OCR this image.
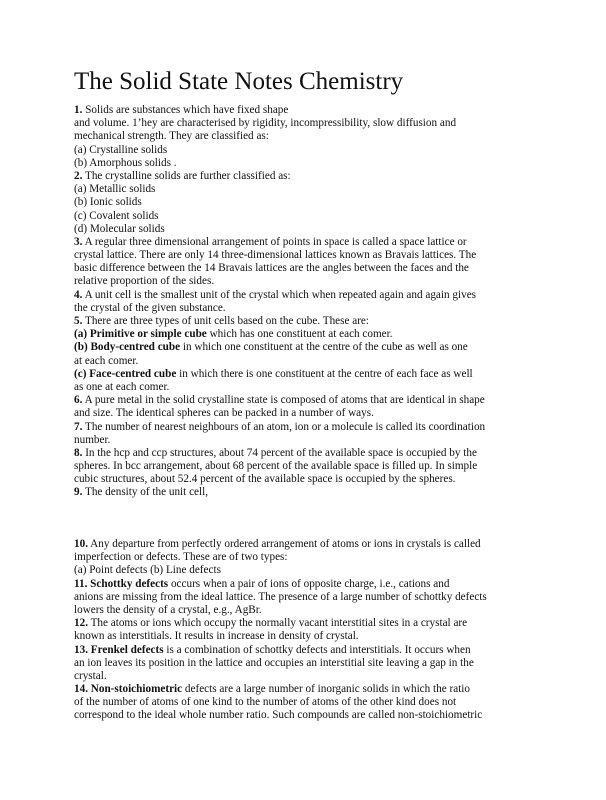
The Solid State Notes Chemistry
1. Solids are substances which have fixed shape
and volume. 1’hey are characterised by rigidity, incompressibility, slow diffusion and
mechanical strength. They are classified as:
(a) Crystalline solids
(b) Amorphous solids .
2. The crystalline solids are further classified as:
(a) Metallic solids
(b) Ionic solids
(c) Covalent solids
(d) Molecular solids
3. A regular three dimensional arrangement of points in space is called a space lattice or
crystal lattice. There are only 14 three-dimensional lattices known as Bravais lattices. The
basic difference between the 14 Bravais lattices are the angles between the faces and the
relative proportion of the sides.
4. A unit cell is the smallest unit of the crystal which when repeated again and again gives
the crystal of the given substance.
5. There are three types of unit cells based on the cube. These are:
(a) Primitive or simple cube which has one constituent at each comer.
(b) Body-centred cube in which one constituent at the centre of the cube as well as one
at each comer.
(c) Face-centred cube in which there is one constituent at the centre of each face as well
as one at each comer.
6. A pure metal in the solid crystalline state is composed of atoms that are identical in shape
and size. The identical spheres can be packed in a number of ways.
7. The number of nearest neighbours of an atom, ion or a molecule is called its coordination
number.
8. In the hcp and ccp structures, about 74 percent of the available space is occupied by the
spheres. In bcc arrangement, about 68 percent of the available space is filled up. In simple
cubic structures, about 52.4 percent of the available space is occupied by the spheres.
9. The density of the unit cell,
10. Any departure from perfectly ordered arrangement of atoms or ions in crystals is called
imperfection or defects. These are of two types:
(a) Point defects (b) Line defects
11. Schottky defects occurs when a pair of ions of opposite charge, i.e., cations and
anions are missing from the ideal lattice. The presence of a large number of schottky defects
lowers the density of a crystal, e.g., AgBr.
12. The atoms or ions which occupy the normally vacant interstitial sites in a crystal are
known as interstitials. It results in increase in density of crystal.
13. Frenkel defects is a combination of schottky defects and interstitials. It occurs when
an ion leaves its position in the lattice and occupies an interstitial site leaving a gap in the
crystal.
14. Non-stoichiometric defects are a large number of inorganic solids in which the ratio
of the number of atoms of one kind to the number of atoms of the other kind does not
correspond to the ideal whole number ratio. Such compounds are called non-stoichiometric
